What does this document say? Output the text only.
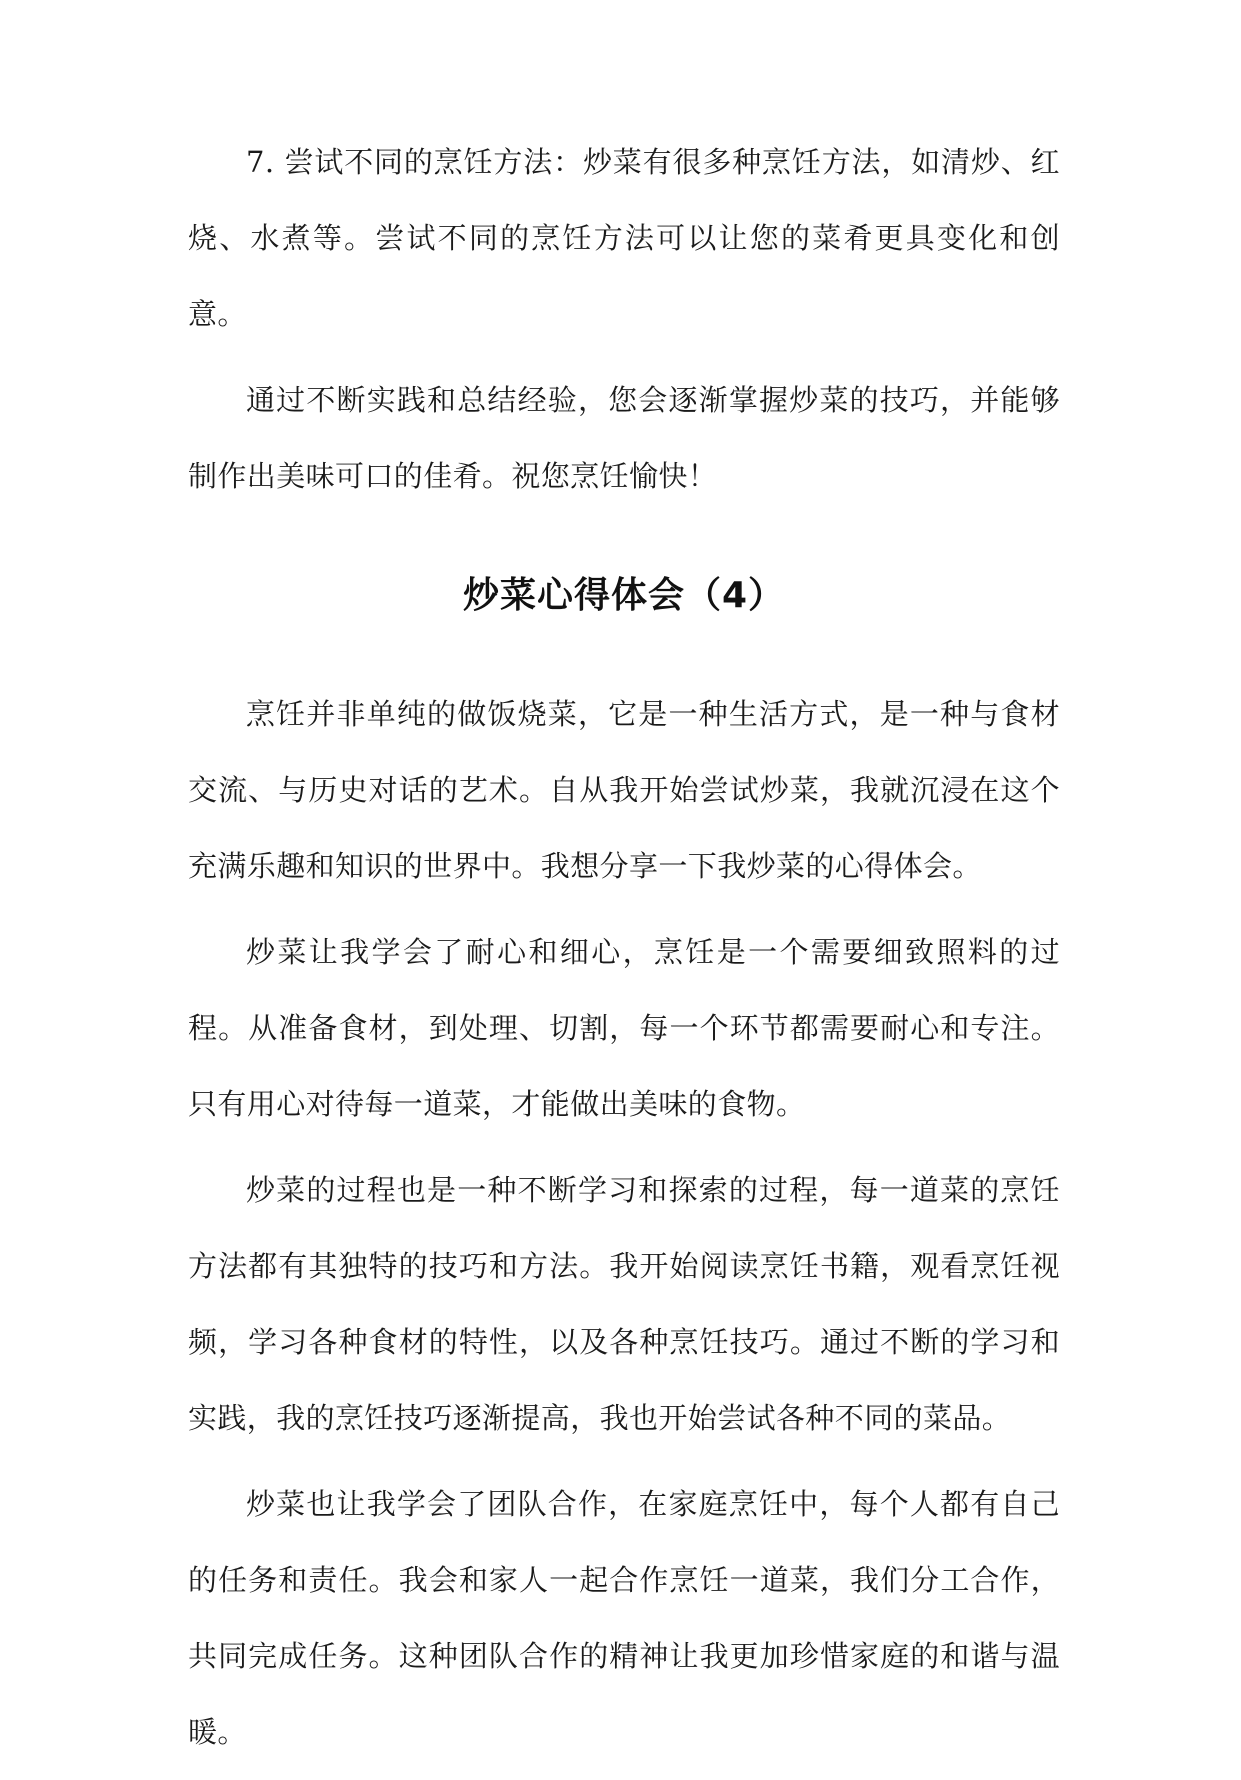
7. 尝试不同的烹饪方法：炒菜有很多种烹饪方法，如清炒、红烧、水煮等。尝试不同的烹饪方法可以让您的菜肴更具变化和创意。

通过不断实践和总结经验，您会逐渐掌握炒菜的技巧，并能够制作出美味可口的佳肴。祝您烹饪愉快！

炒菜心得体会（4）

烹饪并非单纯的做饭烧菜，它是一种生活方式，是一种与食材交流、与历史对话的艺术。自从我开始尝试炒菜，我就沉浸在这个充满乐趣和知识的世界中。我想分享一下我炒菜的心得体会。

炒菜让我学会了耐心和细心，烹饪是一个需要细致照料的过程。从准备食材，到处理、切割，每一个环节都需要耐心和专注。只有用心对待每一道菜，才能做出美味的食物。

炒菜的过程也是一种不断学习和探索的过程，每一道菜的烹饪方法都有其独特的技巧和方法。我开始阅读烹饪书籍，观看烹饪视频，学习各种食材的特性，以及各种烹饪技巧。通过不断的学习和实践，我的烹饪技巧逐渐提高，我也开始尝试各种不同的菜品。

炒菜也让我学会了团队合作，在家庭烹饪中，每个人都有自己的任务和责任。我会和家人一起合作烹饪一道菜，我们分工合作，共同完成任务。这种团队合作的精神让我更加珍惜家庭的和谐与温暖。
